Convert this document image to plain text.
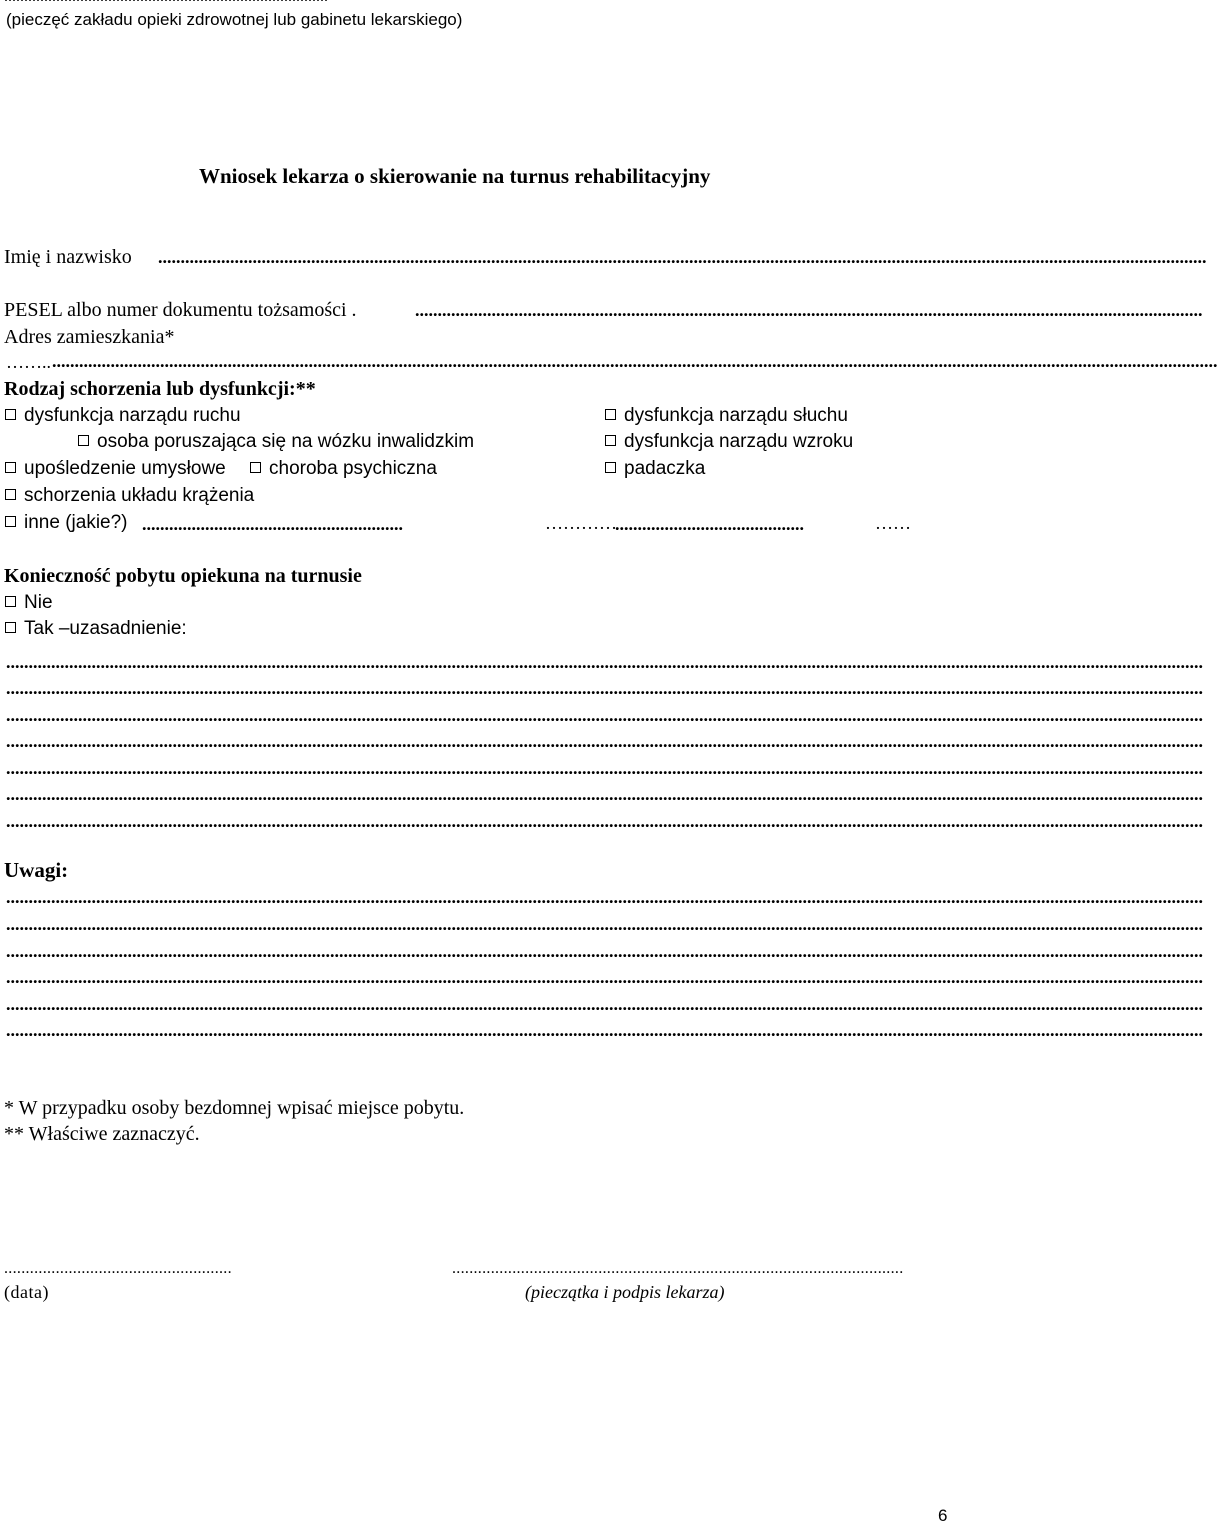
(pieczęć zakładu opieki zdrowotnej lub gabinetu lekarskiego)
Wniosek lekarza o skierowanie na turnus rehabilitacyjny
Imię i nazwisko .........................................................................................................................................................................................................................................
PESEL albo numer dokumentu tożsamości .	...............................................................................................................................................................................
Adres zamieszkania*
…….. ...................................................................................................................................................................................................................................................................
Rodzaj schorzenia lub dysfunkcji:**
dysfunkcja narządu ruchu	dysfunkcja narządu słuchu
osoba poruszająca się na wózku inwalidzkim	dysfunkcja narządu wzroku
upośledzenie umysłowe	choroba psychiczna	padaczka
schorzenia układu krążenia
inne (jakie?) ..........................................................	…………
..........................................	……
Konieczność pobytu opiekuna na turnusie
Nie
Tak –uzasadnienie:
..........................................................................................................................................................................................................................................................................
..........................................................................................................................................................................................................................................................................
..........................................................................................................................................................................................................................................................................
..........................................................................................................................................................................................................................................................................
..........................................................................................................................................................................................................................................................................
..........................................................................................................................................................................................................................................................................
..........................................................................................................................................................................................................................................................................
Uwagi:
..........................................................................................................................................................................................................................................................................
..........................................................................................................................................................................................................................................................................
..........................................................................................................................................................................................................................................................................
..........................................................................................................................................................................................................................................................................
..........................................................................................................................................................................................................................................................................
..........................................................................................................................................................................................................................................................................
* W przypadku osoby bezdomnej wpisać miejsce pobytu.
** Właściwe zaznaczyć.
.....................................................
(data)
.........................................................................................................
(pieczątka i podpis lekarza)
6
